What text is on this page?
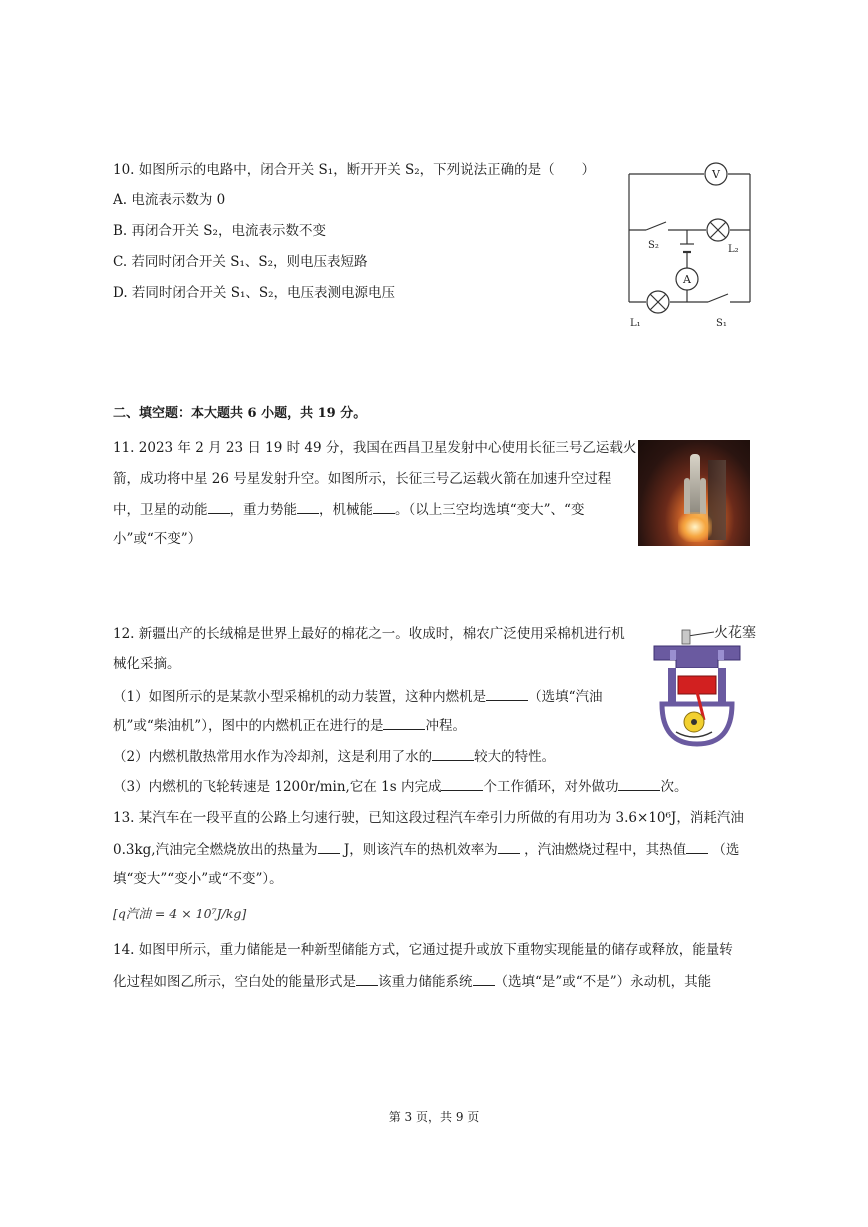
10. 如图所示的电路中，闭合开关 S₁，断开开关 S₂，下列说法正确的是（　　）
A. 电流表示数为 0
B. 再闭合开关 S₂，电流表示数不变
C. 若同时闭合开关 S₁、S₂，则电压表短路
D. 若同时闭合开关 S₁、S₂，电压表测电源电压
V
A
S₂	L₂
L₁	S₁
二、填空题：本大题共 6 小题，共 19 分。
11. 2023 年 2 月 23 日 19 时 49 分，我国在西昌卫星发射中心使用长征三号乙运载火
箭，成功将中星 26 号星发射升空。如图所示，长征三号乙运载火箭在加速升空过程
中，卫星的动能 ，重力势能 ，机械能 。（以上三空均选填“变大”、“变
小”或“不变”）
12. 新疆出产的长绒棉是世界上最好的棉花之一。收成时，棉农广泛使用采棉机进行机
械化采摘。
（1）如图所示的是某款小型采棉机的动力装置，这种内燃机是	（选填“汽油
机”或“柴油机”），图中的内燃机正在进行的是	冲程。
（2）内燃机散热常用水作为冷却剂，这是利用了水的	较大的特性。
（3）内燃机的飞轮转速是 1200r/min,它在 1s 内完成	个工作循环，对外做功	次。
火花塞
13. 某汽车在一段平直的公路上匀速行驶，已知这段过程汽车牵引力所做的有用功为 3.6×10⁶J，消耗汽油
0.3kg,汽油完全燃烧放出的热量为 J，则该汽车的热机效率为 ，汽油燃烧过程中，其热值 （选
填“变大”“变小”或“不变”）。
[q汽油 = 4 × 10⁷J/kg]
14. 如图甲所示，重力储能是一种新型储能方式，它通过提升或放下重物实现能量的储存或释放，能量转
化过程如图乙所示，空白处的能量形式是 该重力储能系统 （选填“是”或“不是”）永动机，其能
第 3 页，共 9 页
